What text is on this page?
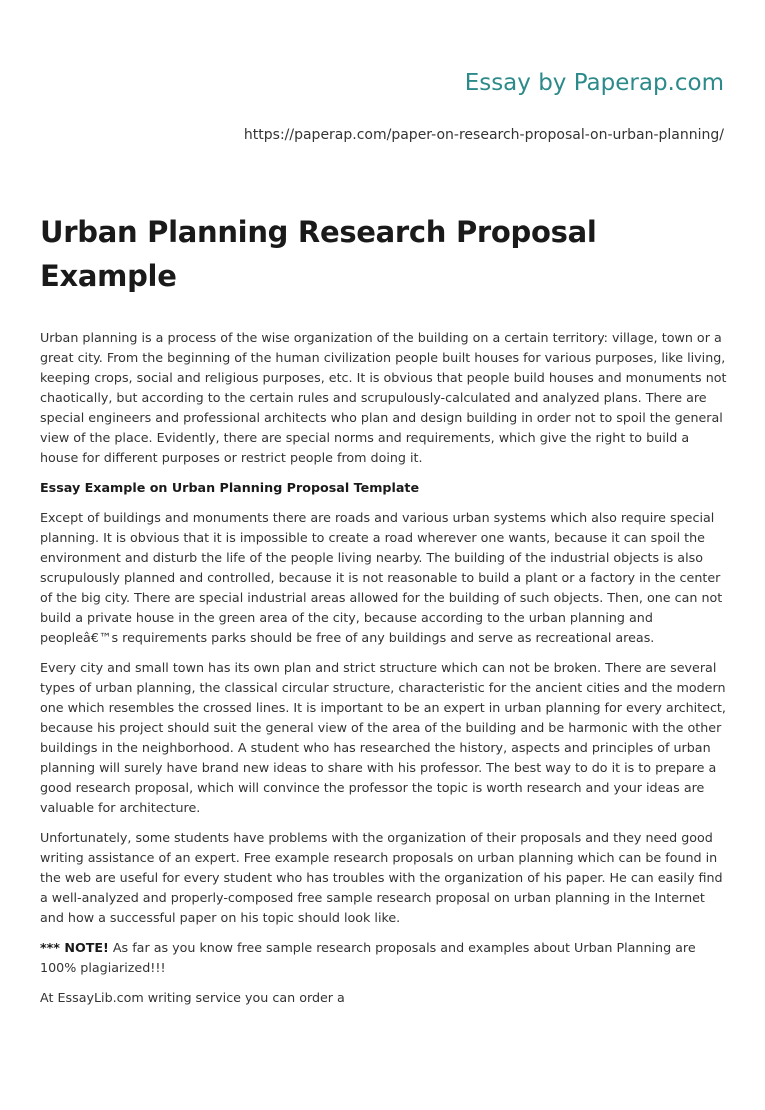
Essay by Paperap.com
https://paperap.com/paper-on-research-proposal-on-urban-planning/
Urban Planning Research Proposal Example

Urban planning is a process of the wise organization of the building on a certain territory: village, town or a great city. From the beginning of the human civilization people built houses for various purposes, like living, keeping crops, social and religious purposes, etc. It is obvious that people build houses and monuments not chaotically, but according to the certain rules and scrupulously-calculated and analyzed plans. There are special engineers and professional architects who plan and design building in order not to spoil the general view of the place. Evidently, there are special norms and requirements, which give the right to build a house for different purposes or restrict people from doing it.

Essay Example on Urban Planning Proposal Template

Except of buildings and monuments there are roads and various urban systems which also require special planning. It is obvious that it is impossible to create a road wherever one wants, because it can spoil the environment and disturb the life of the people living nearby. The building of the industrial objects is also scrupulously planned and controlled, because it is not reasonable to build a plant or a factory in the center of the big city. There are special industrial areas allowed for the building of such objects. Then, one can not build a private house in the green area of the city, because according to the urban planning and peopleâ€™s requirements parks should be free of any buildings and serve as recreational areas.

Every city and small town has its own plan and strict structure which can not be broken. There are several types of urban planning, the classical circular structure, characteristic for the ancient cities and the modern one which resembles the crossed lines. It is important to be an expert in urban planning for every architect, because his project should suit the general view of the area of the building and be harmonic with the other buildings in the neighborhood. A student who has researched the history, aspects and principles of urban planning will surely have brand new ideas to share with his professor. The best way to do it is to prepare a good research proposal, which will convince the professor the topic is worth research and your ideas are valuable for architecture.

Unfortunately, some students have problems with the organization of their proposals and they need good writing assistance of an expert. Free example research proposals on urban planning which can be found in the web are useful for every student who has troubles with the organization of his paper. He can easily find a well-analyzed and properly-composed free sample research proposal on urban planning in the Internet and how a successful paper on his topic should look like.

*** NOTE! As far as you know free sample research proposals and examples about Urban Planning are 100% plagiarized!!!

At EssayLib.com writing service you can order a
